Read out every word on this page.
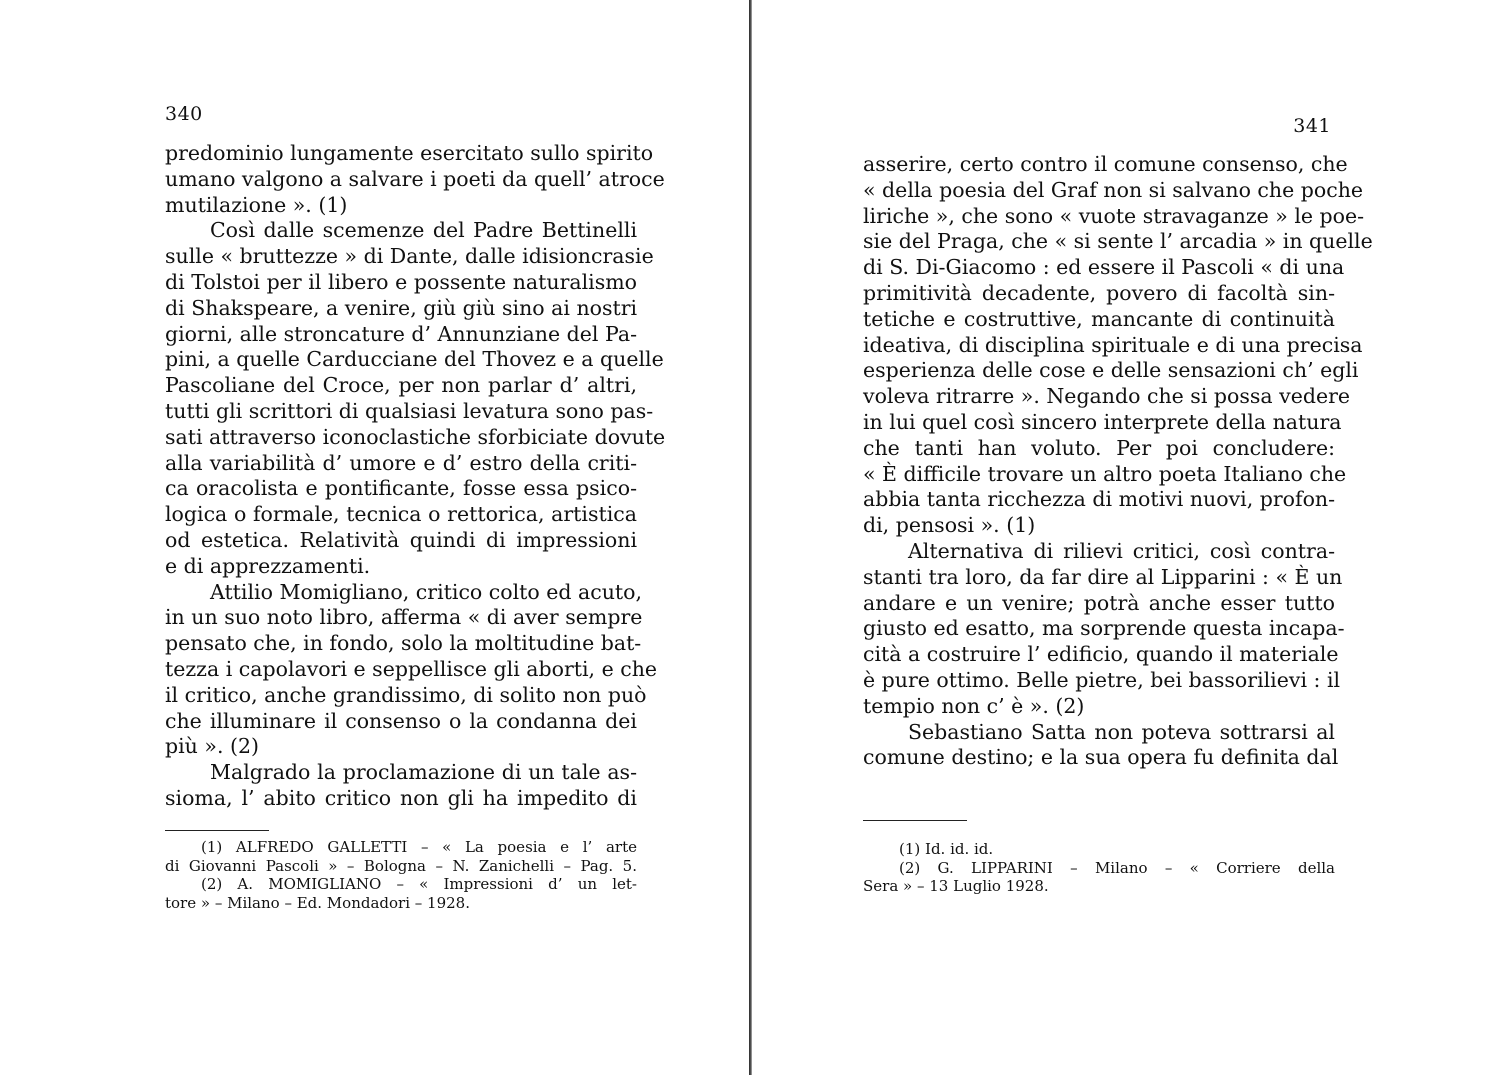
340
predominio lungamente esercitato sullo spirito
umano valgono a salvare i poeti da quell’ atroce
mutilazione ». (1)
Così dalle scemenze del Padre Bettinelli
sulle « bruttezze » di Dante, dalle idisioncrasie
di Tolstoi per il libero e possente naturalismo
di Shakspeare, a venire, giù giù sino ai nostri
giorni, alle stroncature d’ Annunziane del Pa-
pini, a quelle Carducciane del Thovez e a quelle
Pascoliane del Croce, per non parlar d’ altri,
tutti gli scrittori di qualsiasi levatura sono pas-
sati attraverso iconoclastiche sforbiciate dovute
alla variabilità d’ umore e d’ estro della criti-
ca oracolista e pontificante, fosse essa psico-
logica o formale, tecnica o rettorica, artistica
od estetica. Relatività quindi di impressioni
e di apprezzamenti.
Attilio Momigliano, critico colto ed acuto,
in un suo noto libro, afferma « di aver sempre
pensato che, in fondo, solo la moltitudine bat-
tezza i capolavori e seppellisce gli aborti, e che
il critico, anche grandissimo, di solito non può
che illuminare il consenso o la condanna dei
più ». (2)
Malgrado la proclamazione di un tale as-
sioma, l’ abito critico non gli ha impedito di
(1) ALFREDO GALLETTI – « La poesia e l’ arte
di Giovanni Pascoli » – Bologna – N. Zanichelli – Pag. 5.
(2) A. MOMIGLIANO – « Impressioni d’ un let-
tore » – Milano – Ed. Mondadori – 1928.
341
asserire, certo contro il comune consenso, che
« della poesia del Graf non si salvano che poche
liriche », che sono « vuote stravaganze » le poe-
sie del Praga, che « si sente l’ arcadia » in quelle
di S. Di-Giacomo : ed essere il Pascoli « di una
primitività decadente, povero di facoltà sin-
tetiche e costruttive, mancante di continuità
ideativa, di disciplina spirituale e di una precisa
esperienza delle cose e delle sensazioni ch’ egli
voleva ritrarre ». Negando che si possa vedere
in lui quel così sincero interprete della natura
che tanti han voluto. Per poi concludere:
« È difficile trovare un altro poeta Italiano che
abbia tanta ricchezza di motivi nuovi, profon-
di, pensosi ». (1)
Alternativa di rilievi critici, così contra-
stanti tra loro, da far dire al Lipparini : « È un
andare e un venire; potrà anche esser tutto
giusto ed esatto, ma sorprende questa incapa-
cità a costruire l’ edificio, quando il materiale
è pure ottimo. Belle pietre, bei bassorilievi : il
tempio non c’ è ». (2)
Sebastiano Satta non poteva sottrarsi al
comune destino; e la sua opera fu definita dal
(1) Id. id. id.
(2) G. LIPPARINI – Milano – « Corriere della
Sera » – 13 Luglio 1928.
